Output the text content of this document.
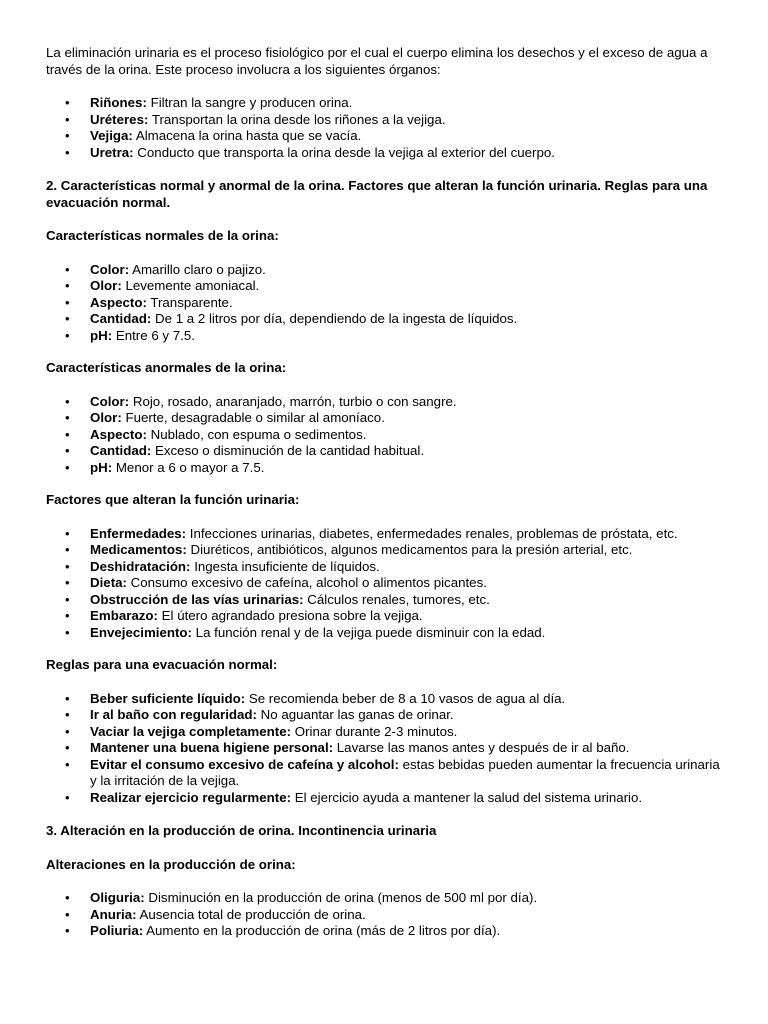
La eliminación urinaria es el proceso fisiológico por el cual el cuerpo elimina los desechos y el exceso de agua a través de la orina. Este proceso involucra a los siguientes órganos:

• Riñones: Filtran la sangre y producen orina.
• Uréteres: Transportan la orina desde los riñones a la vejiga.
• Vejiga: Almacena la orina hasta que se vacía.
• Uretra: Conducto que transporta la orina desde la vejiga al exterior del cuerpo.
2. Características normal y anormal de la orina. Factores que alteran la función urinaria. Reglas para una evacuación normal.
Características normales de la orina:
• Color: Amarillo claro o pajizo.
• Olor: Levemente amoniacal.
• Aspecto: Transparente.
• Cantidad: De 1 a 2 litros por día, dependiendo de la ingesta de líquidos.
• pH: Entre 6 y 7.5.
Características anormales de la orina:
• Color: Rojo, rosado, anaranjado, marrón, turbio o con sangre.
• Olor: Fuerte, desagradable o similar al amoníaco.
• Aspecto: Nublado, con espuma o sedimentos.
• Cantidad: Exceso o disminución de la cantidad habitual.
• pH: Menor a 6 o mayor a 7.5.
Factores que alteran la función urinaria:
• Enfermedades: Infecciones urinarias, diabetes, enfermedades renales, problemas de próstata, etc.
• Medicamentos: Diuréticos, antibióticos, algunos medicamentos para la presión arterial, etc.
• Deshidratación: Ingesta insuficiente de líquidos.
• Dieta: Consumo excesivo de cafeína, alcohol o alimentos picantes.
• Obstrucción de las vías urinarias: Cálculos renales, tumores, etc.
• Embarazo: El útero agrandado presiona sobre la vejiga.
• Envejecimiento: La función renal y de la vejiga puede disminuir con la edad.
Reglas para una evacuación normal:
• Beber suficiente líquido: Se recomienda beber de 8 a 10 vasos de agua al día.
• Ir al baño con regularidad: No aguantar las ganas de orinar.
• Vaciar la vejiga completamente: Orinar durante 2-3 minutos.
• Mantener una buena higiene personal: Lavarse las manos antes y después de ir al baño.
• Evitar el consumo excesivo de cafeína y alcohol: estas bebidas pueden aumentar la frecuencia urinaria y la irritación de la vejiga.
• Realizar ejercicio regularmente: El ejercicio ayuda a mantener la salud del sistema urinario.
3. Alteración en la producción de orina. Incontinencia urinaria
Alteraciones en la producción de orina:
• Oliguria: Disminución en la producción de orina (menos de 500 ml por día).
• Anuria: Ausencia total de producción de orina.
• Poliuria: Aumento en la producción de orina (más de 2 litros por día).
